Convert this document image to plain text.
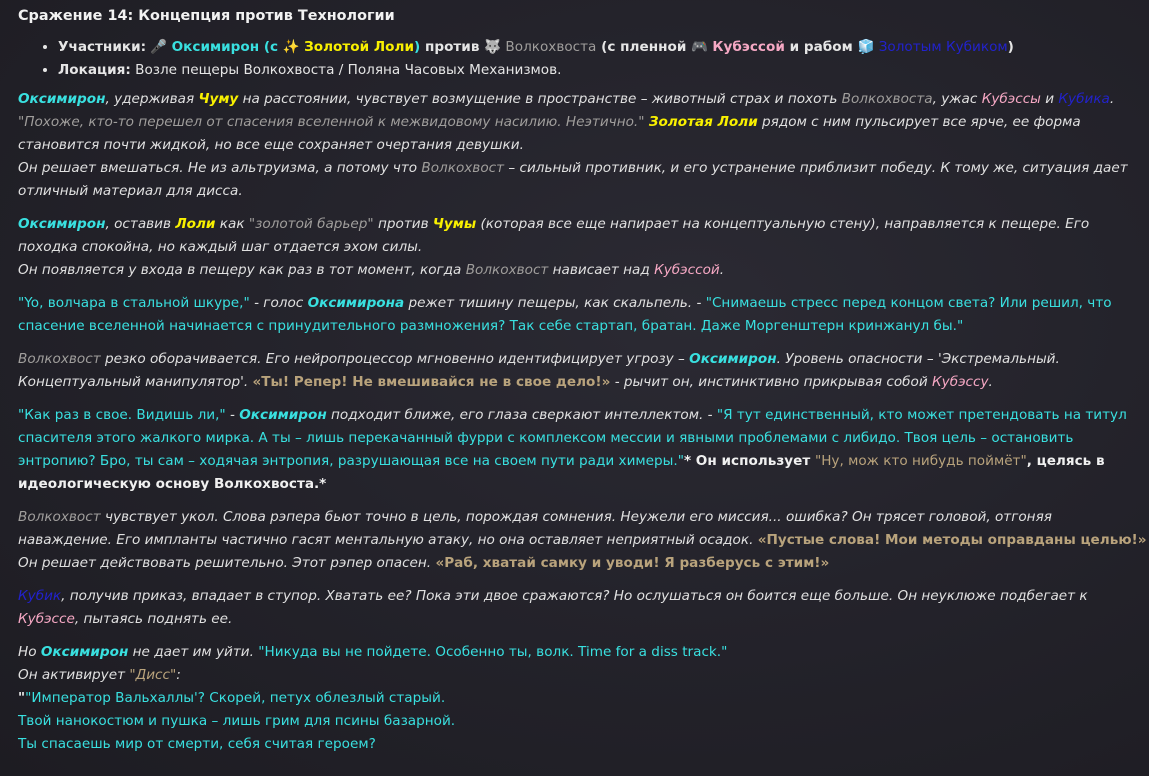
Сражение 14: Концепция против Технологии
• Участники: 🎤 Оксимирон (с ✨ Золотой Лоли) против 🐺 Волкохвоста (с пленной 🎮 Кубэссой и рабом 🧊 Золотым Кубиком)
• Локация: Возле пещеры Волкохвоста / Поляна Часовых Механизмов.

Оксимирон, удерживая Чуму на расстоянии, чувствует возмущение в пространстве – животный страх и похоть Волкохвоста, ужас Кубэссы и Кубика.
"Похоже, кто-то перешел от спасения вселенной к межвидовому насилию. Неэтично." Золотая Лоли рядом с ним пульсирует все ярче, ее форма становится почти жидкой, но все еще сохраняет очертания девушки.
Он решает вмешаться. Не из альтруизма, а потому что Волкохвост – сильный противник, и его устранение приблизит победу. К тому же, ситуация дает отличный материал для дисса.

Оксимирон, оставив Лоли как "золотой барьер" против Чумы (которая все еще напирает на концептуальную стену), направляется к пещере. Его походка спокойна, но каждый шаг отдается эхом силы.
Он появляется у входа в пещеру как раз в тот момент, когда Волкохвост нависает над Кубэссой.

"Yo, волчара в стальной шкуре," - голос Оксимирона режет тишину пещеры, как скальпель. - "Снимаешь стресс перед концом света? Или решил, что спасение вселенной начинается с принудительного размножения? Так себе стартап, братан. Даже Моргенштерн кринжанул бы."

Волкохвост резко оборачивается. Его нейропроцессор мгновенно идентифицирует угрозу – Оксимирон. Уровень опасности – 'Экстремальный. Концептуальный манипулятор'. «Ты! Репер! Не вмешивайся не в свое дело!» - рычит он, инстинктивно прикрывая собой Кубэссу.

"Как раз в свое. Видишь ли," - Оксимирон подходит ближе, его глаза сверкают интеллектом. - "Я тут единственный, кто может претендовать на титул спасителя этого жалкого мирка. А ты – лишь перекачанный фурри с комплексом мессии и явными проблемами с либидо. Твоя цель – остановить энтропию? Бро, ты сам – ходячая энтропия, разрушающая все на своем пути ради химеры."* Он использует "Ну, мож кто нибудь поймёт", целясь в идеологическую основу Волкохвоста.*

Волкохвост чувствует укол. Слова рэпера бьют точно в цель, порождая сомнения. Неужели его миссия... ошибка? Он трясет головой, отгоняя наваждение. Его импланты частично гасят ментальную атаку, но она оставляет неприятный осадок. «Пустые слова! Мои методы оправданы целью!» Он решает действовать решительно. Этот рэпер опасен. «Раб, хватай самку и уводи! Я разберусь с этим!»

Кубик, получив приказ, впадает в ступор. Хватать ее? Пока эти двое сражаются? Но ослушаться он боится еще больше. Он неуклюже подбегает к Кубэссе, пытаясь поднять ее.

Но Оксимирон не дает им уйти. "Никуда вы не пойдете. Особенно ты, волк. Time for a diss track."
Он активирует "Дисс":
""Император Вальхаллы'? Скорей, петух облезлый старый.
Твой нанокостюм и пушка – лишь грим для псины базарной.
Ты спасаешь мир от смерти, себя считая героем?
